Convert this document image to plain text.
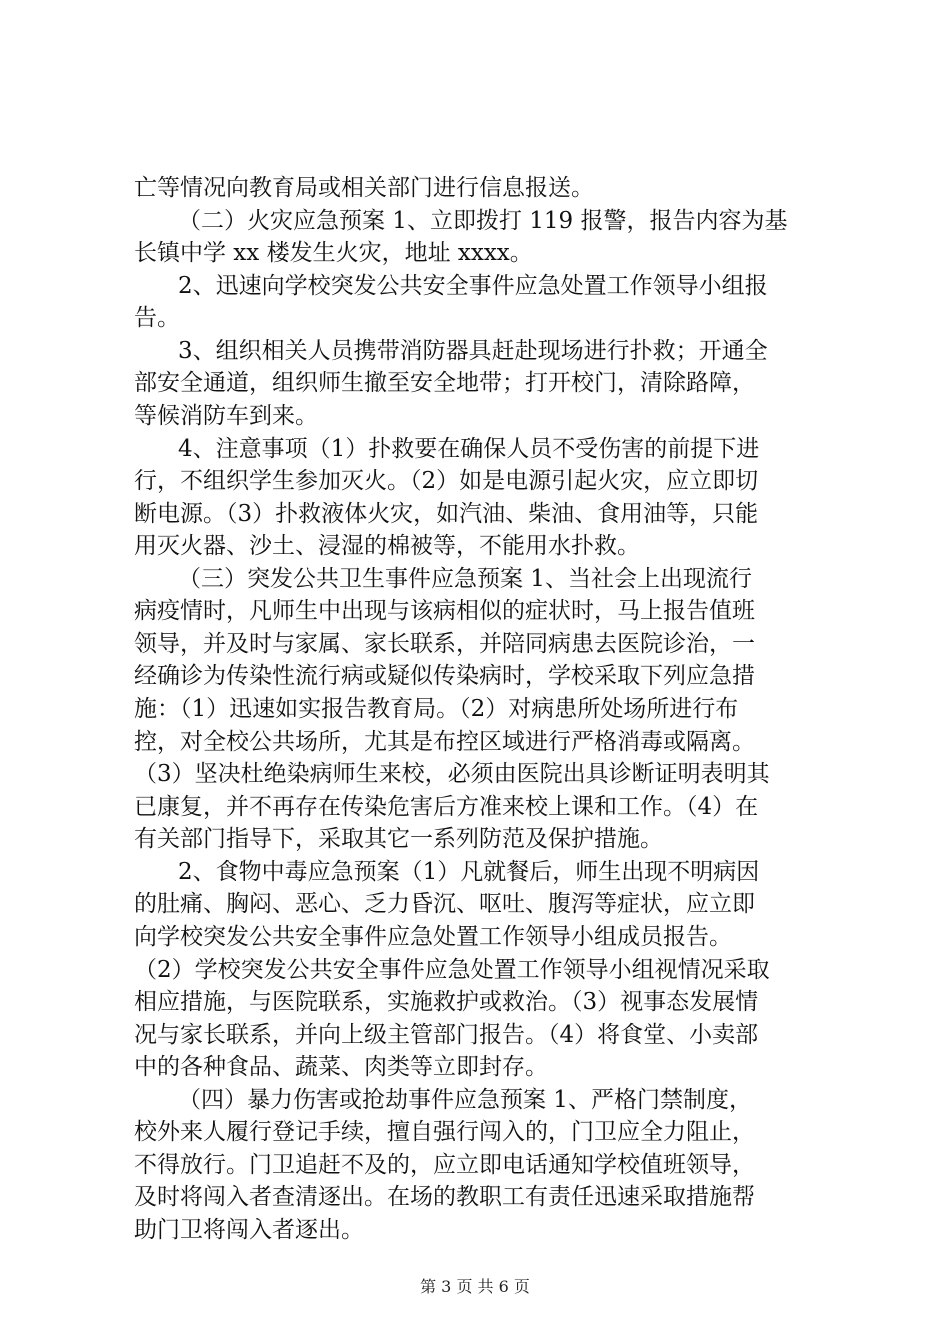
亡等情况向教育局或相关部门进行信息报送。
（二）火灾应急预案 1、立即拨打 119 报警，报告内容为基
长镇中学 xx 楼发生火灾，地址 xxxx。
2、迅速向学校突发公共安全事件应急处置工作领导小组报
告。
3、组织相关人员携带消防器具赶赴现场进行扑救；开通全
部安全通道，组织师生撤至安全地带；打开校门，清除路障，
等候消防车到来。
4、注意事项（1）扑救要在确保人员不受伤害的前提下进
行，不组织学生参加灭火。（2）如是电源引起火灾，应立即切
断电源。（3）扑救液体火灾，如汽油、柴油、食用油等，只能
用灭火器、沙土、浸湿的棉被等，不能用水扑救。
（三）突发公共卫生事件应急预案 1、当社会上出现流行
病疫情时，凡师生中出现与该病相似的症状时，马上报告值班
领导，并及时与家属、家长联系，并陪同病患去医院诊治，一
经确诊为传染性流行病或疑似传染病时，学校采取下列应急措
施：（1）迅速如实报告教育局。（2）对病患所处场所进行布
控，对全校公共场所，尤其是布控区域进行严格消毒或隔离。
（3）坚决杜绝染病师生来校，必须由医院出具诊断证明表明其
已康复，并不再存在传染危害后方准来校上课和工作。（4）在
有关部门指导下，采取其它一系列防范及保护措施。
2、食物中毒应急预案（1）凡就餐后，师生出现不明病因
的肚痛、胸闷、恶心、乏力昏沉、呕吐、腹泻等症状，应立即
向学校突发公共安全事件应急处置工作领导小组成员报告。
（2）学校突发公共安全事件应急处置工作领导小组视情况采取
相应措施，与医院联系，实施救护或救治。（3）视事态发展情
况与家长联系，并向上级主管部门报告。（4）将食堂、小卖部
中的各种食品、蔬菜、肉类等立即封存。
（四）暴力伤害或抢劫事件应急预案 1、严格门禁制度，
校外来人履行登记手续，擅自强行闯入的，门卫应全力阻止，
不得放行。门卫追赶不及的，应立即电话通知学校值班领导，
及时将闯入者查清逐出。在场的教职工有责任迅速采取措施帮
助门卫将闯入者逐出。
第 3 页 共 6 页
